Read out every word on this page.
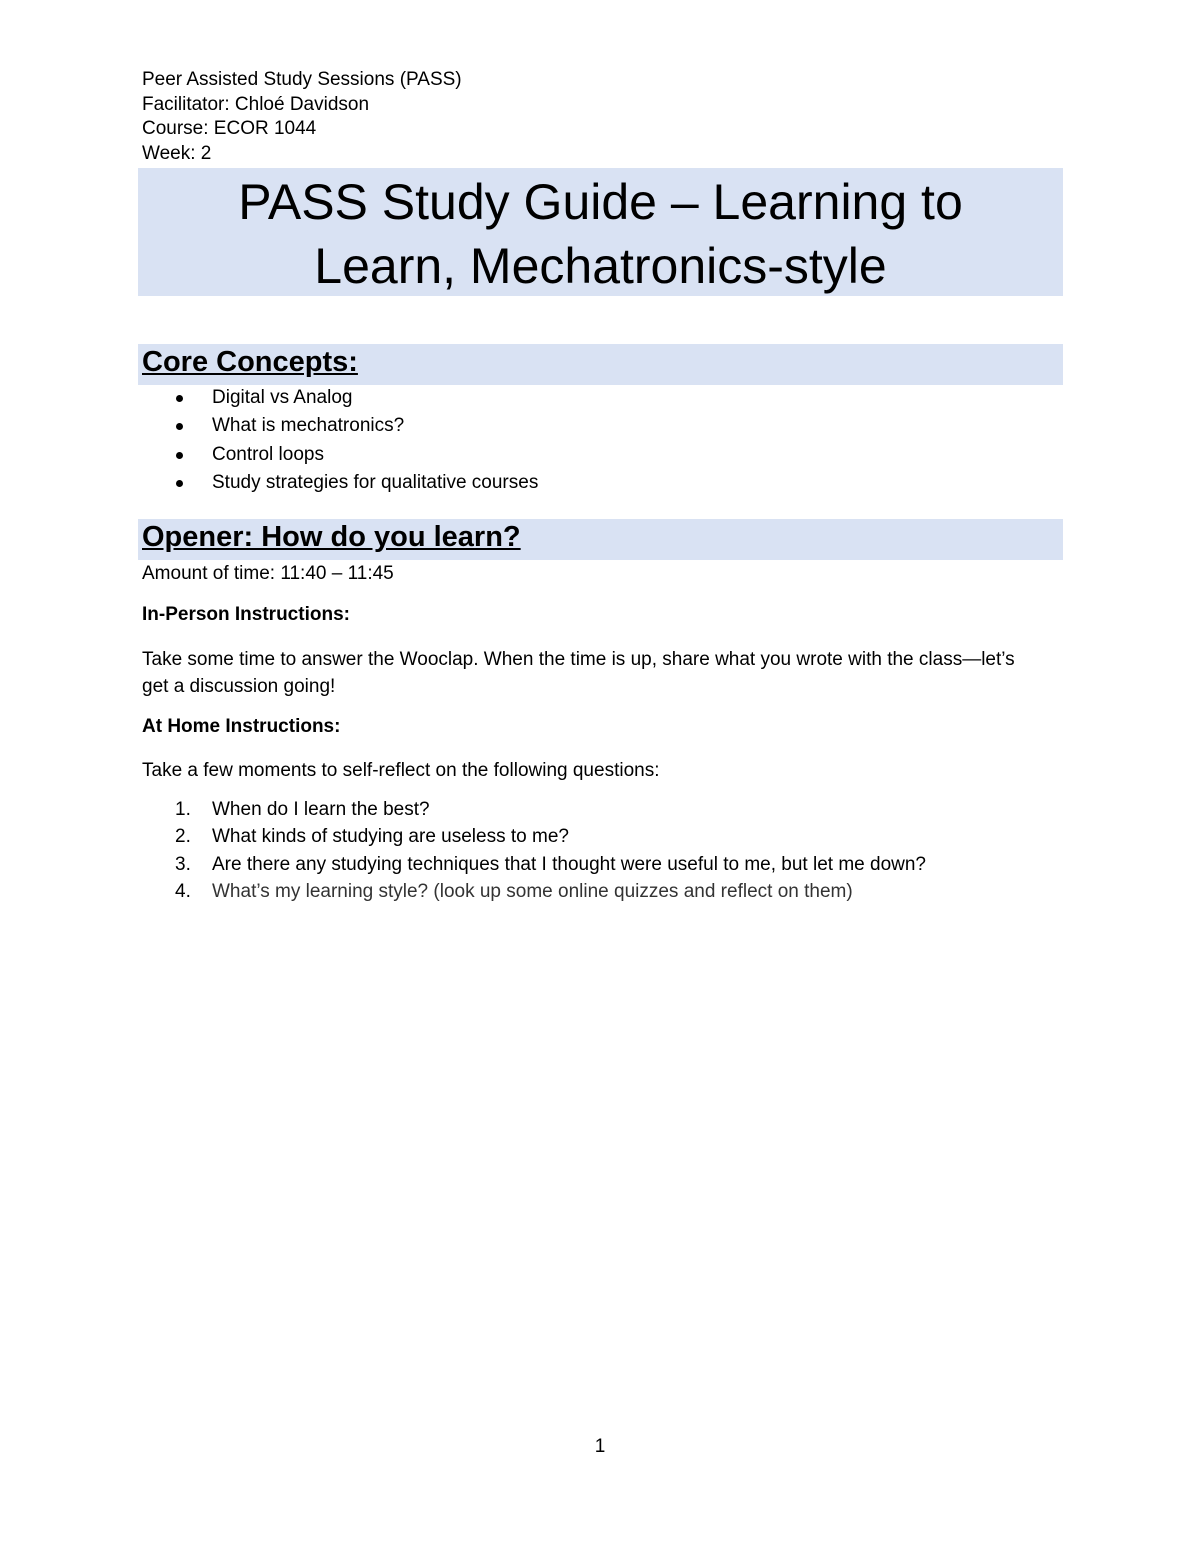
Peer Assisted Study Sessions (PASS)
Facilitator: Chloé Davidson
Course: ECOR 1044
Week: 2
PASS Study Guide – Learning to
Learn, Mechatronics-style
Core Concepts:
Digital vs Analog
What is mechatronics?
Control loops
Study strategies for qualitative courses
Opener: How do you learn?
Amount of time: 11:40 – 11:45
In-Person Instructions:
Take some time to answer the Wooclap. When the time is up, share what you wrote with the class—let’s get a discussion going!
At Home Instructions:
Take a few moments to self-reflect on the following questions:
1. When do I learn the best?
2. What kinds of studying are useless to me?
3. Are there any studying techniques that I thought were useful to me, but let me down?
4. What’s my learning style? (look up some online quizzes and reflect on them)
1
